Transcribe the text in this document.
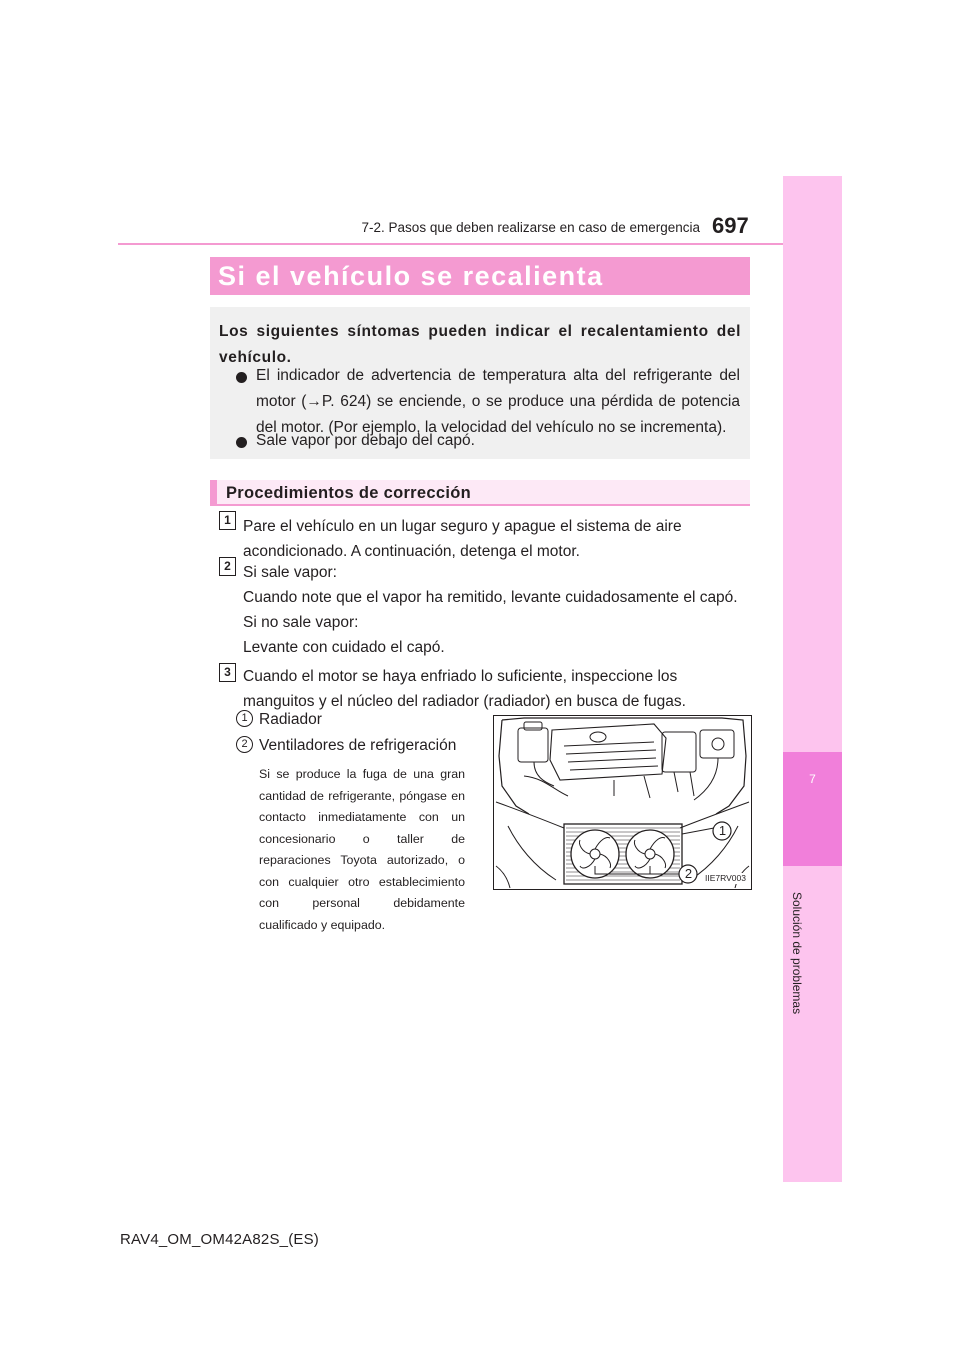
7-2. Pasos que deben realizarse en caso de emergencia 697
7
Solución de problemas
Si el vehículo se recalienta
Los siguientes síntomas pueden indicar el recalentamiento del vehículo.
El indicador de advertencia de temperatura alta del refrigerante del motor (→P. 624) se enciende, o se produce una pérdida de potencia del motor. (Por ejemplo, la velocidad del vehículo no se incrementa).
Sale vapor por debajo del capó.
Procedimientos de corrección
1 Pare el vehículo en un lugar seguro y apague el sistema de aire acondicionado. A continuación, detenga el motor.
2 Si sale vapor:
Cuando note que el vapor ha remitido, levante cuidadosamente el capó.
Si no sale vapor:
Levante con cuidado el capó.
3 Cuando el motor se haya enfriado lo suficiente, inspeccione los manguitos y el núcleo del radiador (radiador) en busca de fugas.
1 Radiador
2 Ventiladores de refrigeración
Si se produce la fuga de una gran cantidad de refrigerante, póngase en contacto inmediatamente con un concesionario o taller de reparaciones Toyota autorizado, o con cualquier otro establecimiento con personal debidamente cualificado y equipado.
1
2 IIE7RV003
RAV4_OM_OM42A82S_(ES)
